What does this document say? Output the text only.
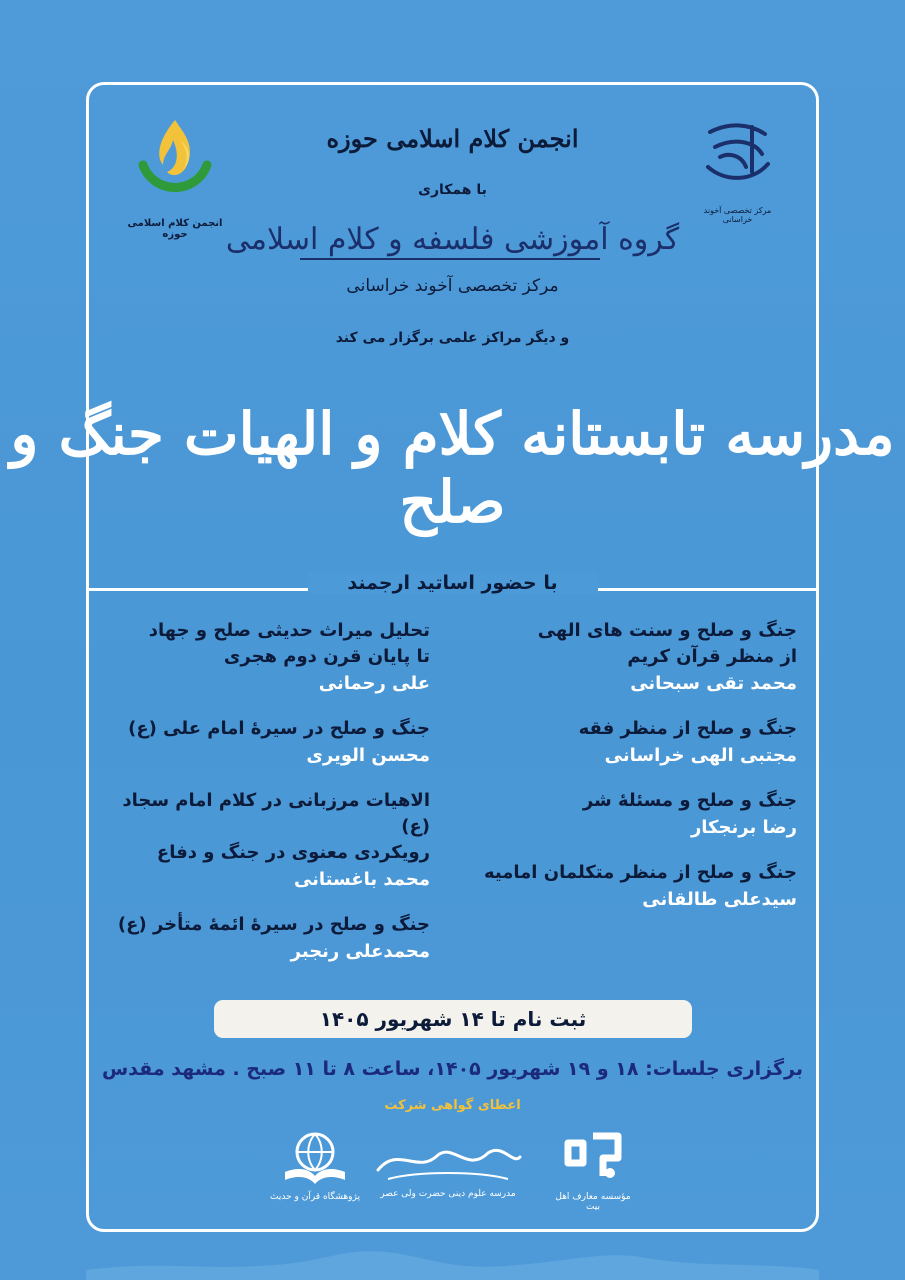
انجمن کلام اسلامی حوزه
مرکز تخصصی آخوند خراسانی
انجمن کلام اسلامی حوزه
با همکاری
گروه آموزشی فلسفه و کلام اسلامی
مرکز تخصصی آخوند خراسانی
و دیگر مراکز علمی برگزار می کند
مدرسه تابستانه کلام و الهیات جنگ و صلح
با حضور اساتید ارجمند
جنگ و صلح و سنت های الهی
از منظر قرآن کریم
محمد تقی سبحانی
جنگ و صلح از منظر فقه
مجتبی الهی خراسانی
جنگ و صلح و مسئلهٔ شر
رضا برنجکار
جنگ و صلح از منظر متکلمان امامیه
سیدعلی طالقانی
تحلیل میراث حدیثی صلح و جهاد
تا پایان قرن دوم هجری
علی رحمانی
جنگ و صلح در سیرهٔ امام علی (ع)
محسن الویری
الاهیات مرزبانی در کلام امام سجاد (ع)
رویکردی معنوی در جنگ و دفاع
محمد باغستانی
جنگ و صلح در سیرهٔ ائمهٔ متأخر (ع)
محمدعلی رنجبر
ثبت نام تا ۱۴ شهریور ۱۴۰۵
برگزاری جلسات: ۱۸ و ۱۹ شهریور ۱۴۰۵، ساعت ۸ تا ۱۱ صبح . مشهد مقدس
اعطای گواهی شرکت
پژوهشگاه قرآن و حدیث	مدرسه علوم دینی حضرت ولی عصر	مؤسسه معارف اهل بیت
